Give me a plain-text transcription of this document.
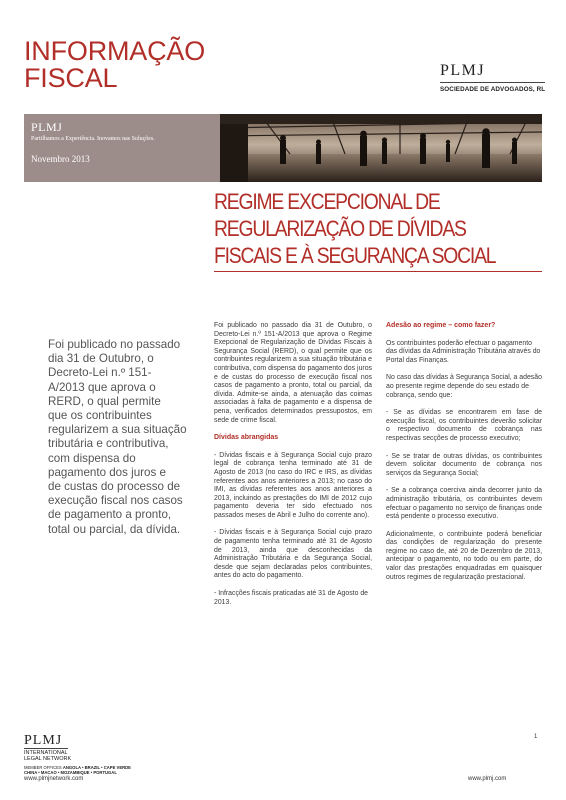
INFORMAÇÃO
FISCAL	PLMJ
SOCIEDADE DE ADVOGADOS, RL
PLMJ
Partilhamos a Experiência. Inovamos nas Soluções.
Novembro 2013
REGIME EXCEPCIONAL DE
REGULARIZAÇÃO DE DÍVIDAS
FISCAIS E À SEGURANÇA SOCIAL

Foi publicado no passado
dia 31 de Outubro, o
Decreto-Lei n.º 151-
A/2013 que aprova o
RERD, o qual permite
que os contribuintes
regularizem a sua situação
tributária e contributiva,
com dispensa do
pagamento dos juros e
de custas do processo de
execução fiscal nos casos
de pagamento a pronto,
total ou parcial, da dívida.

Foi publicado no passado dia 31 de Outubro, o Decreto-Lei n.º 151-A/2013 que aprova o Regime Exepcional de Regularização de Dívidas Fiscais à Segurança Social (RERD), o qual permite que os contribuintes regularizem a sua situação tributária e contributiva, com dispensa do pagamento dos juros e de custas do processo de execução fiscal nos casos de pagamento a pronto, total ou parcial, da dívida. Admite-se ainda, a atenuação das coimas associadas à falta de pagamento e a dispensa de pena, verificados determinados pressupostos, em sede de crime fiscal.

Dívidas abrangidas

- Dívidas fiscais e à Segurança Social cujo prazo legal de cobrança tenha terminado até 31 de Agosto de 2013 (no caso do IRC e IRS, as dívidas referentes aos anos anteriores a 2013; no caso do IMI, as dívidas referentes aos anos anteriores a 2013, incluindo as prestações do IMI de 2012 cujo pagamento deveria ter sido efectuado nos passados meses de Abril e Julho do corrente ano).

- Dívidas fiscais e à Segurança Social cujo prazo de pagamento tenha terminado até 31 de Agosto de 2013, ainda que desconhecidas da Administração Tributária e da Segurança Social, desde que sejam declaradas pelos contribuintes, antes do acto do pagamento.

- Infracções fiscais praticadas até 31 de Agosto de 2013.

Adesão ao regime – como fazer?

Os contribuintes poderão efectuar o pagamento das dívidas da Administração Tributária através do Portal das Finanças.

No caso das dívidas à Segurança Social, a adesão ao presente regime depende do seu estado de cobrança, sendo que:

- Se as dívidas se encontrarem em fase de execução fiscal, os contribuintes deverão solicitar o respectivo documento de cobrança nas respectivas secções de processo executivo;

- Se se tratar de outras dívidas, os contribuintes devem solicitar documento de cobrança nos serviços da Segurança Social;

- Se a cobrança coerciva ainda decorrer junto da administração tributária, os contribuintes devem efectuar o pagamento no serviço de finanças onde está pendente o processo executivo.

Adicionalmente, o contribuinte poderá beneficiar das condições de regularização do presente regime no caso de, até 20 de Dezembro de 2013, antecipar o pagamento, no todo ou em parte, do valor das prestações enquadradas em quaisquer outros regimes de regularização prestacional.

1
PLMJ
INTERNATIONAL
LEGAL NETWORK
MEMBER OFFICES ANGOLA • BRAZIL • CAPE VERDE
CHINA • MACAO • MOZAMBIQUE • PORTUGAL
www.plmjnetwork.com	www.plmj.com
